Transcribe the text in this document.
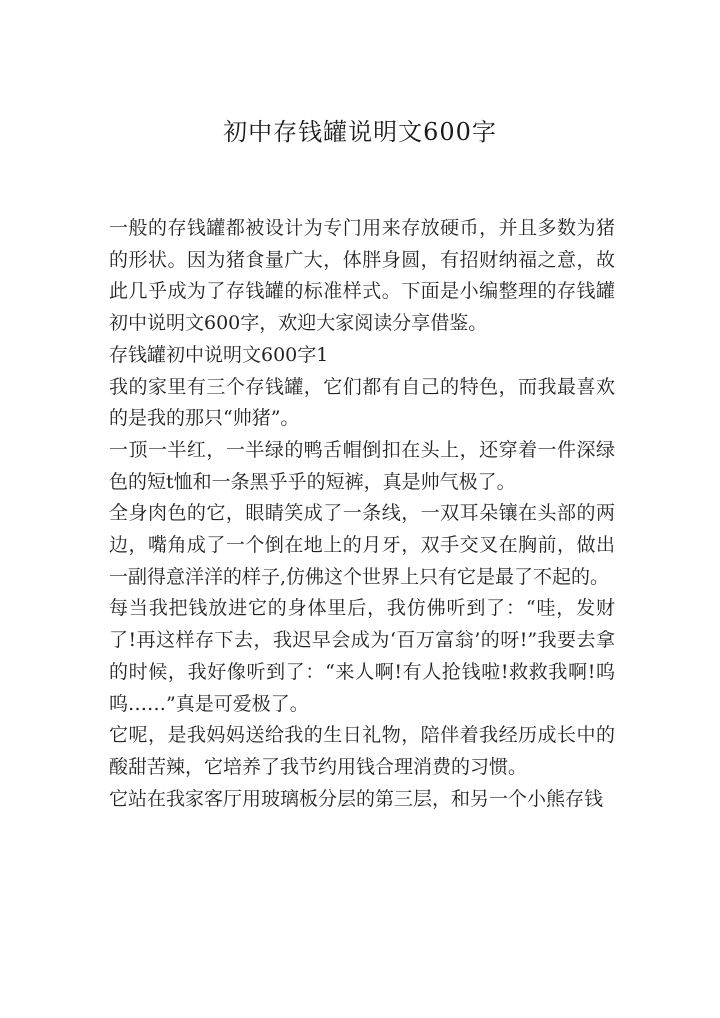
初中存钱罐说明文600字

一般的存钱罐都被设计为专门用来存放硬币，并且多数为猪的形状。因为猪食量广大，体胖身圆，有招财纳福之意，故此几乎成为了存钱罐的标准样式。下面是小编整理的存钱罐初中说明文600字，欢迎大家阅读分享借鉴。

存钱罐初中说明文600字1

我的家里有三个存钱罐，它们都有自己的特色，而我最喜欢的是我的那只“帅猪”。

一顶一半红，一半绿的鸭舌帽倒扣在头上，还穿着一件深绿色的短t恤和一条黑乎乎的短裤，真是帅气极了。

全身肉色的它，眼睛笑成了一条线，一双耳朵镶在头部的两边，嘴角成了一个倒在地上的月牙，双手交叉在胸前，做出一副得意洋洋的样子,仿佛这个世界上只有它是最了不起的。

每当我把钱放进它的身体里后，我仿佛听到了：“哇，发财了!再这样存下去，我迟早会成为‘百万富翁’的呀!”我要去拿的时候，我好像听到了：“来人啊!有人抢钱啦!救救我啊!呜呜……”真是可爱极了。

它呢，是我妈妈送给我的生日礼物，陪伴着我经历成长中的酸甜苦辣，它培养了我节约用钱合理消费的习惯。

它站在我家客厅用玻璃板分层的第三层，和另一个小熊存钱
